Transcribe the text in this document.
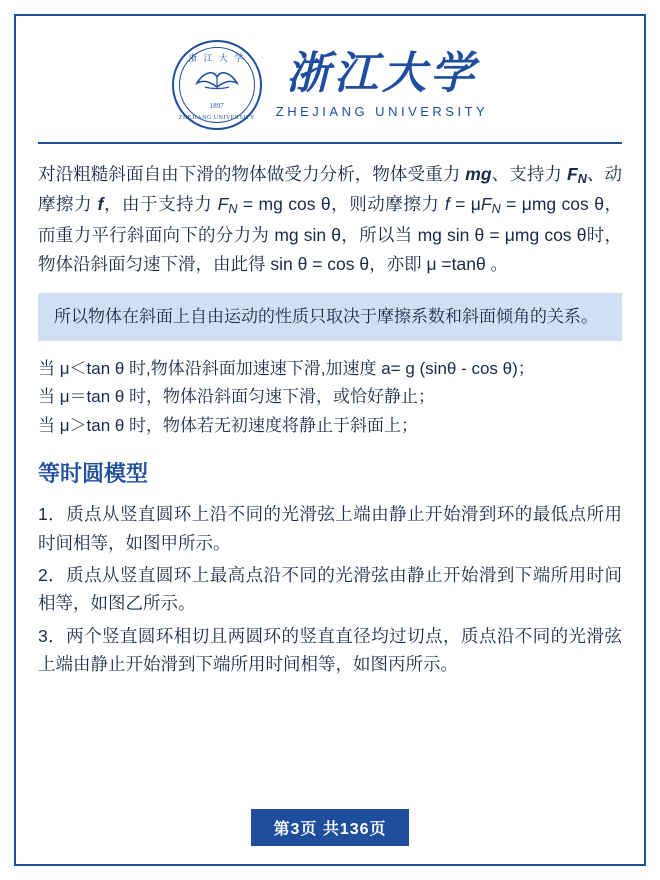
浙 江 大 学
1897
ZHEJIANG UNIVERSITY
浙江大学
ZHEJIANG UNIVERSITY

对沿粗糙斜面自由下滑的物体做受力分析，物体受重力 mg、支持力 $F_N$、动摩擦力 f，由于支持力 $F_N$ = mg cos θ，则动摩擦力 $f = \mu F_N = \mu mg$ cos θ，而重力平行斜面向下的分力为 mg sin θ，所以当 mg sin θ = μmg cos θ时，物体沿斜面匀速下滑，由此得 sin θ = cos θ，亦即 μ =tanθ 。

所以物体在斜面上自由运动的性质只取决于摩擦系数和斜面倾角的关系。

当 μ＜tan θ 时,物体沿斜面加速速下滑,加速度 a= g (sinθ - cos θ)；

当 μ＝tan θ 时，物体沿斜面匀速下滑，或恰好静止；

当 μ＞tan θ 时，物体若无初速度将静止于斜面上；

等时圆模型
1．质点从竖直圆环上沿不同的光滑弦上端由静止开始滑到环的最低点所用时间相等，如图甲所示。
2．质点从竖直圆环上最高点沿不同的光滑弦由静止开始滑到下端所用时间相等，如图乙所示。
3．两个竖直圆环相切且两圆环的竖直直径均过切点，质点沿不同的光滑弦上端由静止开始滑到下端所用时间相等，如图丙所示。
第3页 共136页
